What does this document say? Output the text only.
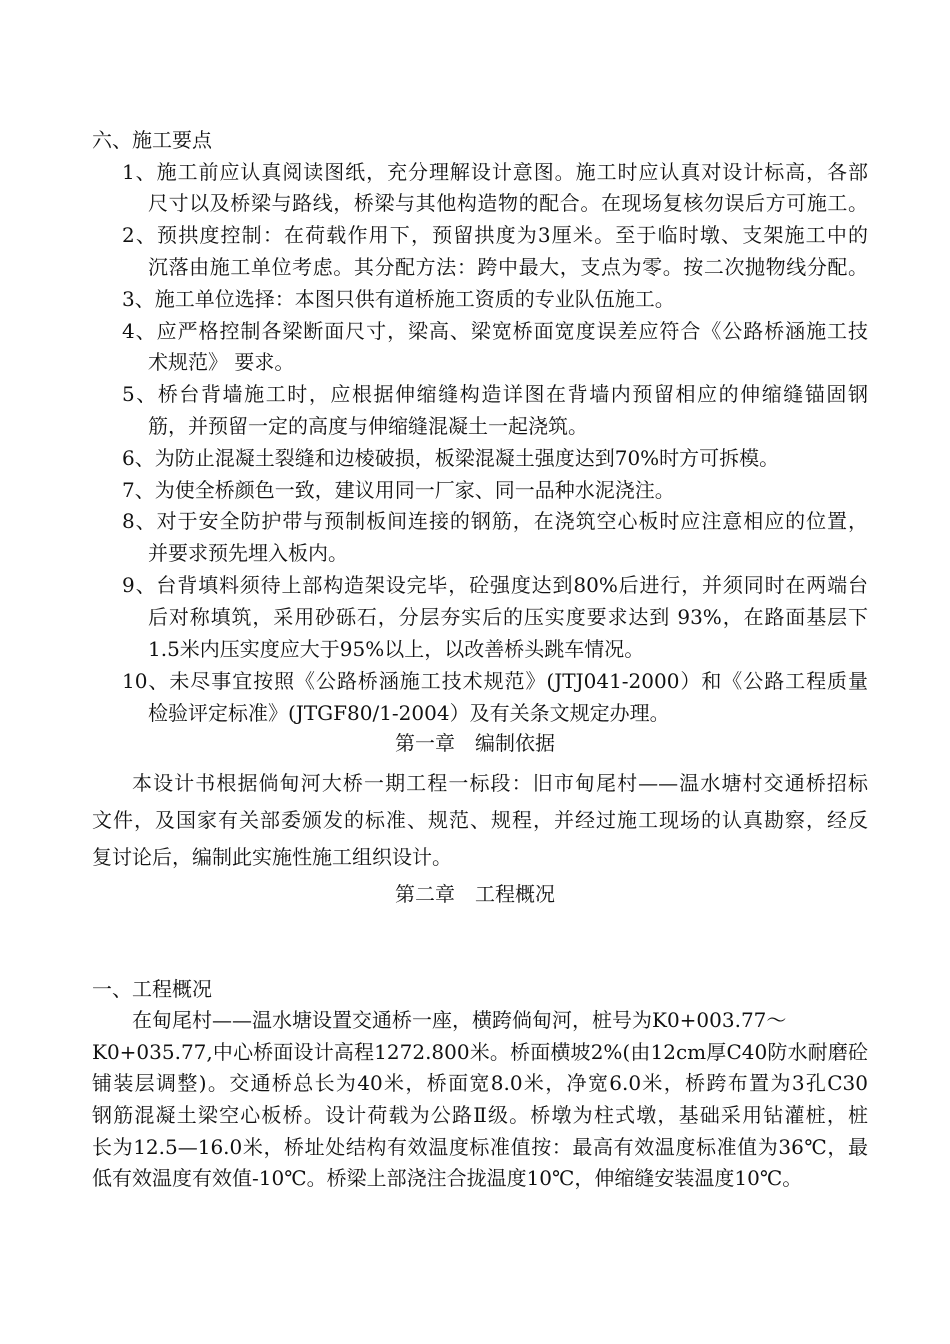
六、施工要点
1、施工前应认真阅读图纸，充分理解设计意图。施工时应认真对设计标高，各部
尺寸以及桥梁与路线，桥梁与其他构造物的配合。在现场复核勿误后方可施工。
2、预拱度控制：在荷载作用下，预留拱度为3厘米。至于临时墩、支架施工中的
沉落由施工单位考虑。其分配方法：跨中最大，支点为零。按二次抛物线分配。
3、施工单位选择：本图只供有道桥施工资质的专业队伍施工。
4、应严格控制各梁断面尺寸，梁高、梁宽桥面宽度误差应符合《公路桥涵施工技
术规范》 要求。
5、桥台背墙施工时，应根据伸缩缝构造详图在背墙内预留相应的伸缩缝锚固钢
筋，并预留一定的高度与伸缩缝混凝土一起浇筑。
6、为防止混凝土裂缝和边棱破损，板梁混凝土强度达到70%时方可拆模。
7、为使全桥颜色一致，建议用同一厂家、同一品种水泥浇注。
8、对于安全防护带与预制板间连接的钢筋，在浇筑空心板时应注意相应的位置，
并要求预先埋入板内。
9、台背填料须待上部构造架设完毕，砼强度达到80%后进行，并须同时在两端台
后对称填筑，采用砂砾石，分层夯实后的压实度要求达到 93%，在路面基层下
1.5米内压实度应大于95%以上，以改善桥头跳车情况。
10、未尽事宜按照《公路桥涵施工技术规范》(JTJ041-2000）和《公路工程质量
检验评定标准》(JTGF80/1-2004）及有关条文规定办理。
第一章　编制依据
本设计书根据倘甸河大桥一期工程一标段：旧市甸尾村——温水塘村交通桥招标
文件，及国家有关部委颁发的标准、规范、规程，并经过施工现场的认真勘察，经反
复讨论后，编制此实施性施工组织设计。
第二章　工程概况
一、工程概况
在甸尾村——温水塘设置交通桥一座，横跨倘甸河，桩号为K0+003.77～
K0+035.77,中心桥面设计高程1272.800米。桥面横坡2%(由12cm厚C40防水耐磨砼
铺装层调整)。交通桥总长为40米，桥面宽8.0米，净宽6.0米，桥跨布置为3孔C30
钢筋混凝土梁空心板桥。设计荷载为公路Ⅱ级。桥墩为柱式墩，基础采用钻灌桩，桩
长为12.5—16.0米，桥址处结构有效温度标准值按：最高有效温度标准值为36℃，最
低有效温度有效值-10℃。桥梁上部浇注合拢温度10℃，伸缩缝安装温度10℃。
